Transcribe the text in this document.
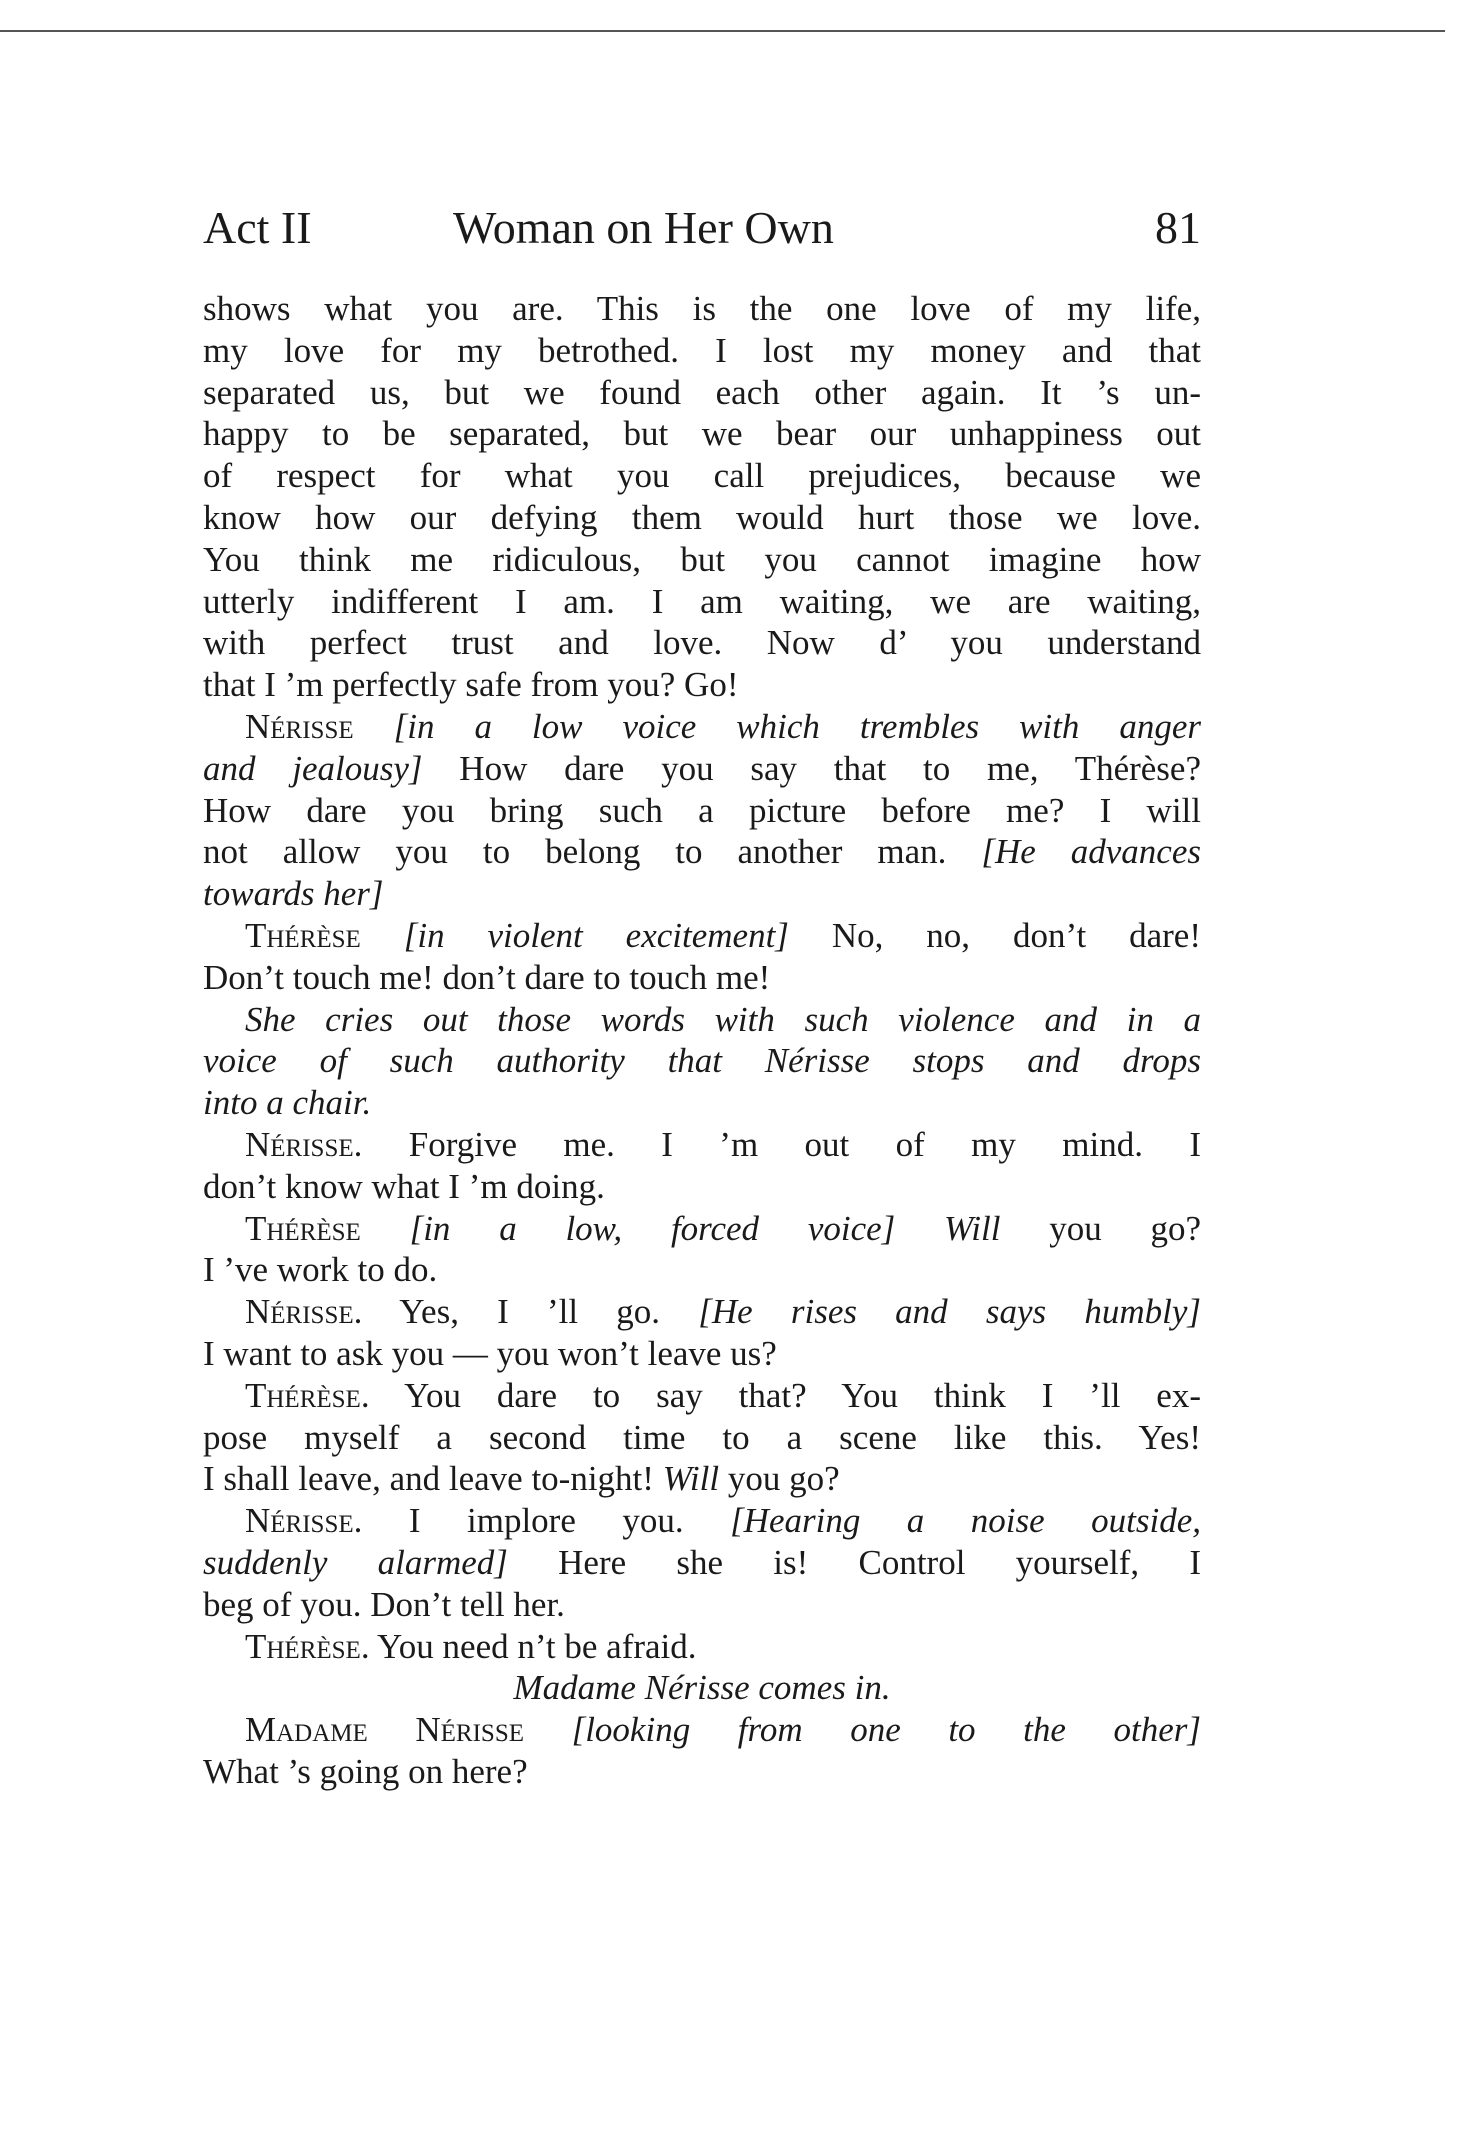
Act II	Woman on Her Own	81
shows what you are. This is the one love of my life,
my love for my betrothed. I lost my money and that
separated us, but we found each other again. It ’s un-
happy to be separated, but we bear our unhappiness out
of respect for what you call prejudices, because we
know how our defying them would hurt those we love.
You think me ridiculous, but you cannot imagine how
utterly indifferent I am. I am waiting, we are waiting,
with perfect trust and love. Now d’ you understand
that I ’m perfectly safe from you? Go!
Nérisse [in a low voice which trembles with anger
and jealousy] How dare you say that to me, Thérèse?
How dare you bring such a picture before me? I will
not allow you to belong to another man. [He advances
towards her]
Thérèse [in violent excitement] No, no, don’t dare!
Don’t touch me! don’t dare to touch me!
She cries out those words with such violence and in a
voice of such authority that Nérisse stops and drops
into a chair.
Nérisse. Forgive me. I ’m out of my mind. I
don’t know what I ’m doing.
Thérèse [in a low, forced voice] Will you go?
I ’ve work to do.
Nérisse. Yes, I ’ll go. [He rises and says humbly]
I want to ask you — you won’t leave us?
Thérèse. You dare to say that? You think I ’ll ex-
pose myself a second time to a scene like this. Yes!
I shall leave, and leave to-night! Will you go?
Nérisse. I implore you. [Hearing a noise outside,
suddenly alarmed] Here she is! Control yourself, I
beg of you. Don’t tell her.
Thérèse. You need n’t be afraid.
Madame Nérisse comes in.
Madame Nérisse [looking from one to the other]
What ’s going on here?
